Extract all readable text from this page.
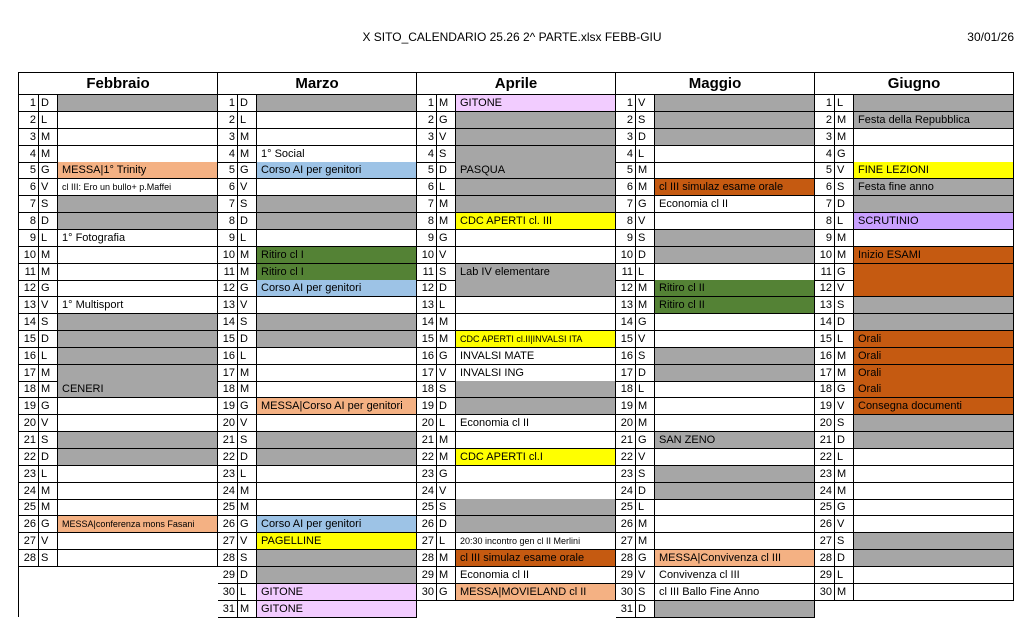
X SITO_CALENDARIO 25.26 2^ PARTE.xlsx FEBB-GIU	30/01/26
Febbraio
1 D
2 L
3 M
4 M
5 G	MESSA|1° Trinity
6 V	cl III: Ero un bullo+ p.Maffei
7 S
8 D
9 L	1° Fotografia
10 M
11 M
12 G
13 V	1° Multisport
14 S
15 D
16 L
17 M
18 M	CENERI
19 G
20 V
21 S
22 D
23 L
24 M
25 M
26 G	MESSA|conferenza mons Fasani
27 V
28 S
Marzo
1 D
2 L
3 M
4 M	1° Social
5 G	Corso AI per genitori
6 V
7 S
8 D
9 L
10 M	Ritiro cl I
11 M	Ritiro cl I
12 G	Corso AI per genitori
13 V
14 S
15 D
16 L
17 M
18 M
19 G	MESSA|Corso AI per genitori
20 V
21 S
22 D
23 L
24 M
25 M
26 G	Corso AI per genitori
27 V	PAGELLINE
28 S
29 D
30 L	GITONE
31 M	GITONE
Aprile
1 M	GITONE
2 G
3 V
4 S
5 D	PASQUA
6 L
7 M
8 M	CDC APERTI cl. III
9 G
10 V
11 S	Lab IV elementare
12 D
13 L
14 M
15 M	CDC APERTI cl.II|INVALSI ITA
16 G	INVALSI MATE
17 V	INVALSI ING
18 S
19 D
20 L	Economia cl II
21 M
22 M	CDC APERTI cl.I
23 G
24 V
25 S
26 D
27 L	20:30 incontro gen cl II Merlini
28 M	cl III simulaz esame orale
29 M	Economia cl II
30 G	MESSA|MOVIELAND cl II
Maggio
1 V
2 S
3 D
4 L
5 M
6 M	cl III simulaz esame orale
7 G	Economia cl II
8 V
9 S
10 D
11 L
12 M	Ritiro cl II
13 M	Ritiro cl II
14 G
15 V
16 S
17 D
18 L
19 M
20 M
21 G	SAN ZENO
22 V
23 S
24 D
25 L
26 M
27 M
28 G	MESSA|Convivenza cl III
29 V	Convivenza cl III
30 S	cl III Ballo Fine Anno
31 D
Giugno
1 L
2 M	Festa della Repubblica
3 M
4 G
5 V	FINE LEZIONI
6 S	Festa fine anno
7 D
8 L	SCRUTINIO
9 M
10 M	Inizio ESAMI
11 G
12 V
13 S
14 D
15 L	Orali
16 M	Orali
17 M	Orali
18 G	Orali
19 V	Consegna documenti
20 S
21 D
22 L
23 M
24 M
25 G
26 V
27 S
28 D
29 L
30 M
